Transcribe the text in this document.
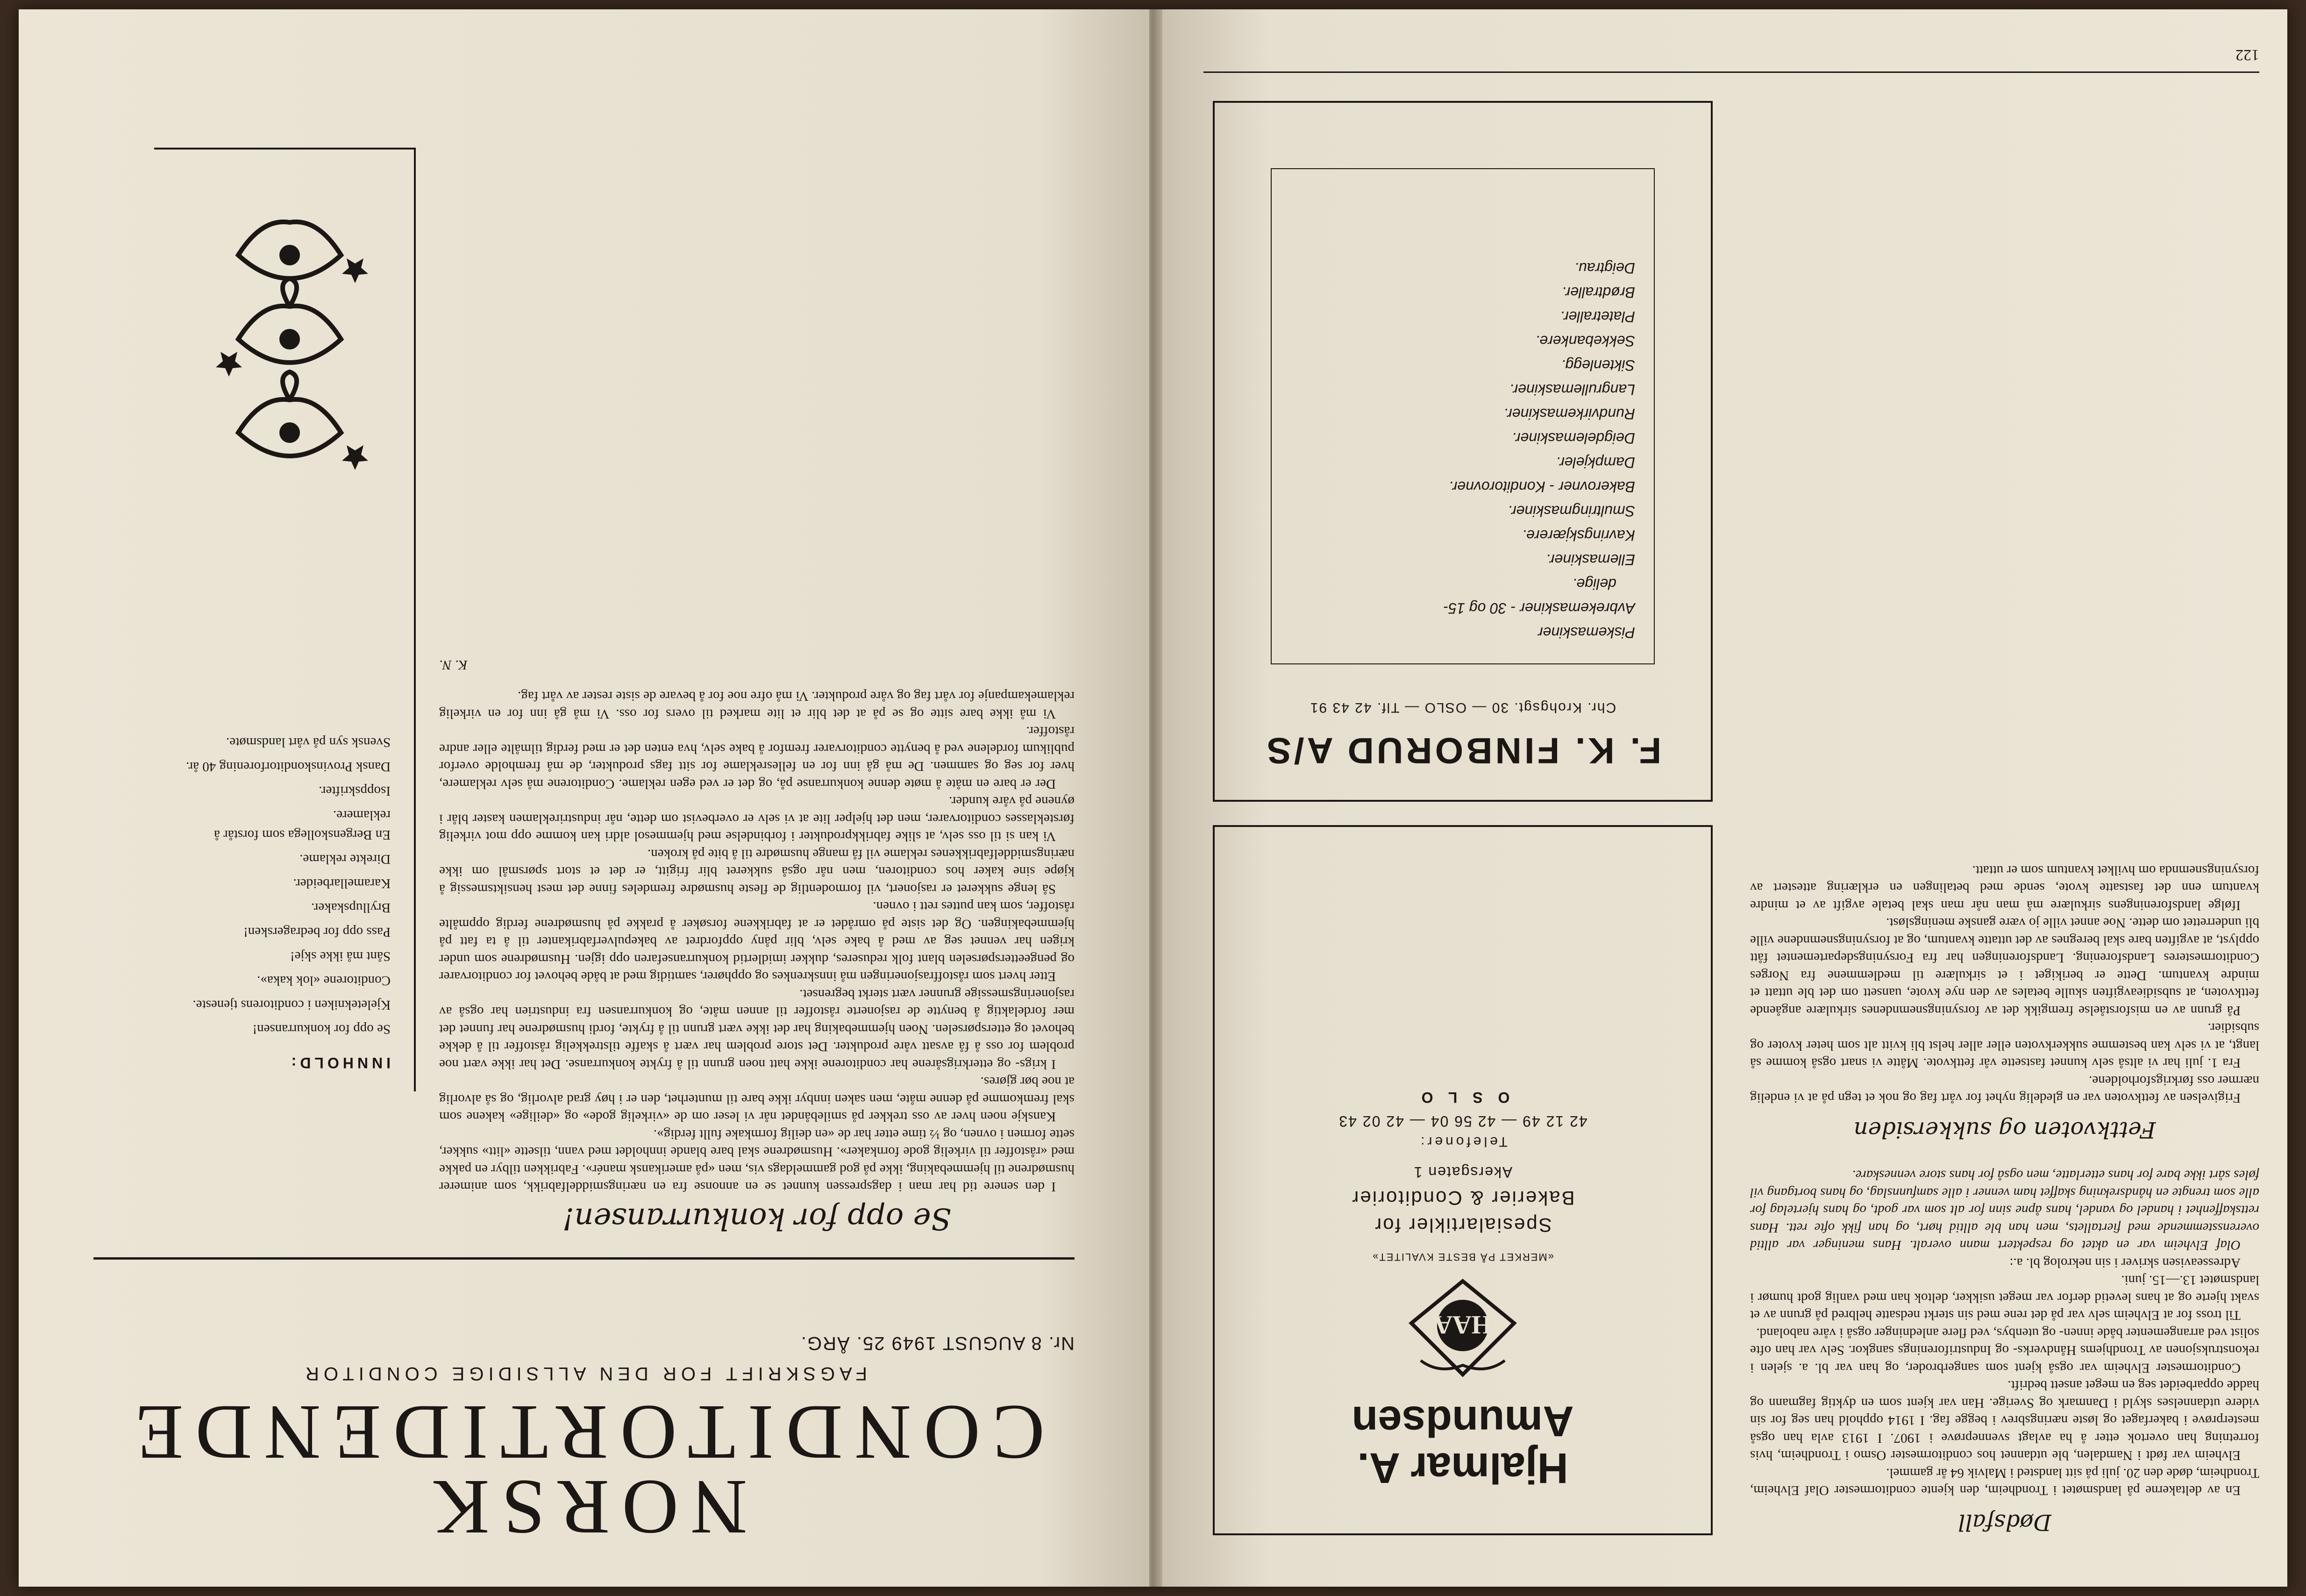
122
Dødsfall

En av deltakerne på landsmøtet i Trondheim, den kjente conditormester Olaf Elvheim, Trondheim, døde den 20. juli på sitt landsted i Malvik 64 år gammel.

Elvheim var født i Namdalen, ble utdannet hos conditormester Osmo i Trondheim, hvis forretning han overtok etter å ha avlagt svenneprøve i 1907. I 1913 avla han også mesterprøve i bakerfaget og løste næringsbrev i begge fag. I 1914 opphold han seg for sin videre utdannelses skyld i Danmark og Sverige. Han var kjent som en dyktig fagmann og hadde opparbeidet seg en meget ansett bedrift.

Conditormester Elvheim var også kjent som sangerbroder, og han var bl. a. sjelen i rekonstruksjonen av Trondhjems Håndverks- og Industriforenings sangkor. Selv var han ofte solist ved arrangementer både innen- og utenbys, ved flere anledninger også i våre naboland.

Til tross for at Elvheim selv var på det rene med sin sterkt nedsatte helbred på grunn av et svakt hjerte og at hans levetid derfor var meget usikker, deltok han med vanlig godt humør i landsmøtet 13.—15. juni.

Adresseavisen skriver i sin nekrolog bl. a.:

Olaf Elvheim var en aktet og respektert mann overalt. Hans meninger var alltid overensstemmende med fiertallets, men han ble alltid hørt, og han fikk ofte rett. Hans rettskaffenhet i handel og vandel, hans åpne sinn for alt som var godt, og hans hjertelag for alle som trengte en håndsrekning skaffet ham venner i alle samfunnslag, og hans bortgang vil føles sårt ikke bare for hans etterlatte, men også for hans store venneskare.

Fettkvoten og sukkersiden

Frigivelsen av fettkvoten var en gledelig nyhet for vårt fag og nok et tegn på at vi endelig nærmer oss førkrigsforholdene.

Fra 1. juli har vi altså selv kunnet fastsette vår fettkvote. Måtte vi snart også komme så langt, at vi selv kan bestemme sukkerkvoten eller aller helst bli kvitt alt som heter kvoter og subsidier.

På grunn av en misforståelse fremgikk det av forsyningsnemndenes sirkulære angående fettkvoten, at subsidieavgiften skulle betales av den nye kvote, uansett om det ble uttatt et mindre kvantum. Dette er berikiget i et sirkulære til medlemmene fra Norges Conditormesteres Landsforening. Landsforeningen har fra Forsyningsdepartementet fått opplyst, at avgiften bare skal beregnes av det uttatte kvantum, og at forsyningsnemndene ville bli underrettet om dette. Noe annet ville jo være ganske meningsløst.

Ifølge landsforeningens sirkulære må man når man skal betale avgift av et mindre kvantum enn det fastsatte kvote, sende med betalingen en erklæring attestert av forsyningsnemnda om hvilket kvantum som er uttatt.

Hjalmar A.
Amundsen
HAA
«MERKET PÅ BESTE KVALITET»
Spesialartikler for
Bakerier & Conditorier
Akersgaten 1
Telefoner:
42 12 49 — 42 56 04 — 42 02 43
O S L O
F. K. FINBORUD A/S
Chr. Krohgsgt. 30 — OSLO — Tlf. 42 43 91
Piskemaskiner
Avbrekemaskiner - 30 og 15-
delige.
Ellemaskiner.
Kavringskjærere.
Smultringmaskiner.
Bakerovner - Konditorovner.
Dampkjeler.
Deigdelemaskiner.
Rundvirkemaskiner.
Langrullemaskiner.
Siktenlegg.
Sekkebankere.
Platetraller.
Brødtraller.
Deigtrau.
NORSK
CONDITORTIDENDE
FAGSKRIFT FOR DEN ALLSIDIGE CONDITOR
Nr. 8 AUGUST 1949 25. ÅRG.
Se opp for konkurransen!

I den senere tid har man i dagspressen kunnet se en annonse fra en næringsmiddelfabrikk, som animerer husmødrene til hjemmebaking, ikke på god gammeldags vis, men «på amerikansk manér». Fabrikken tilbyr en pakke med «råstoffer til virkelig gode fornkaker». Husmødrene skal bare blande innholdet med vann, tilsette «litt» sukker, sette formen i ovnen, og ½ time etter har de «en deilig formkake fullt ferdig».

Kanskje noen hver av oss trekker på smilebåndet når vi leser om de «virkelig gode» og «deilige» kakene som skal fremkomme på denne måte, men saken innbyr ikke bare til munterhet, den er i høy grad alvorlig, og så alvorlig at noe bør gjøres.

I krigs- og etterkrigsårene har conditorene ikke hatt noen grunn til å frykte konkurranse. Det har ikke vært noe problem for oss å få avsatt våre produkter. Det store problem har vært å skaffe tilstrekkelig råstoffer til å dekke behovet og etterspørselen. Noen hjemmebaking har det ikke vært grunn til å frykte, fordi husmødrene har funnet det mer fordelaktig å benytte de rasjonerte råstoffer til annen måte, og konkurransen fra industrien har også av rasjoneringsmessige grunner vært sterkt begrenset.

Etter hvert som råstoffrasjoneringen må innskrenkes og opphører, samtidig med at både behovet for conditorvarer og pengeetterspørselen blant folk reduseres, dukker imidlertid konkurransefaren opp igjen. Husmødrene som under krigen har vennet seg av med å bake selv, blir påny oppfordret av bakepulverfabrikanter til å ta fatt på hjemmebakingen. Og det siste på området er at fabrikkene forsøker å prakke på husmødrene ferdig oppmålte råstoffer, som kan puttes rett i ovnen.

Så lenge sukkeret er rasjonert, vil formodentlig de fleste husmødre fremdeles finne det mest hensiktsmessig å kjøpe sine kaker hos conditoren, men når også sukkeret blir frigitt, er det et stort spørsmål om ikke næringsmiddelfabrikkenes reklame vil få mange husmødre til å bite på kroken.

Vi kan si til oss selv, at slike fabrikkprodukter i forbindelse med hjemmesol aldri kan komme opp mot virkelig førsteklasses conditorvarer, men det hjelper lite at vi selv er overbevist om dette, når industrireklamen kaster blår i øynene på våre kunder.

Der er bare en måte å møte denne konkurranse på, og det er ved egen reklame. Conditorene må selv reklamere, hver for seg og sammen. De må gå inn for en fellesreklame for sitt fags produkter, de må fremholde overfor publikum fordelene ved å benytte conditorvarer fremfor å bake selv, hva enten det er med ferdig tilmålte eller andre råstoffer.

Vi må ikke bare sitte og se på at det blir et lite marked til overs for oss. Vi må gå inn for en virkelig reklamekampanje for vårt fag og våre produkter. Vi må ofre noe for å bevare de siste rester av vårt fag.

K. N.
INNHOLD:
Se opp for konkurransen!
Kjeletekniken i conditorens tjeneste.
Conditorene «lok kaka».
Sånt må ikke skje!
Pass opp for bedragersken!
Bryllupskaker.
Karamellarbeider.
Direkte reklame.
En Bergenskollega som forstår å reklamere.
Isoppskrifter.
Dansk Provinskonditorforening 40 år.
Svensk syn på vårt landsmøte.
